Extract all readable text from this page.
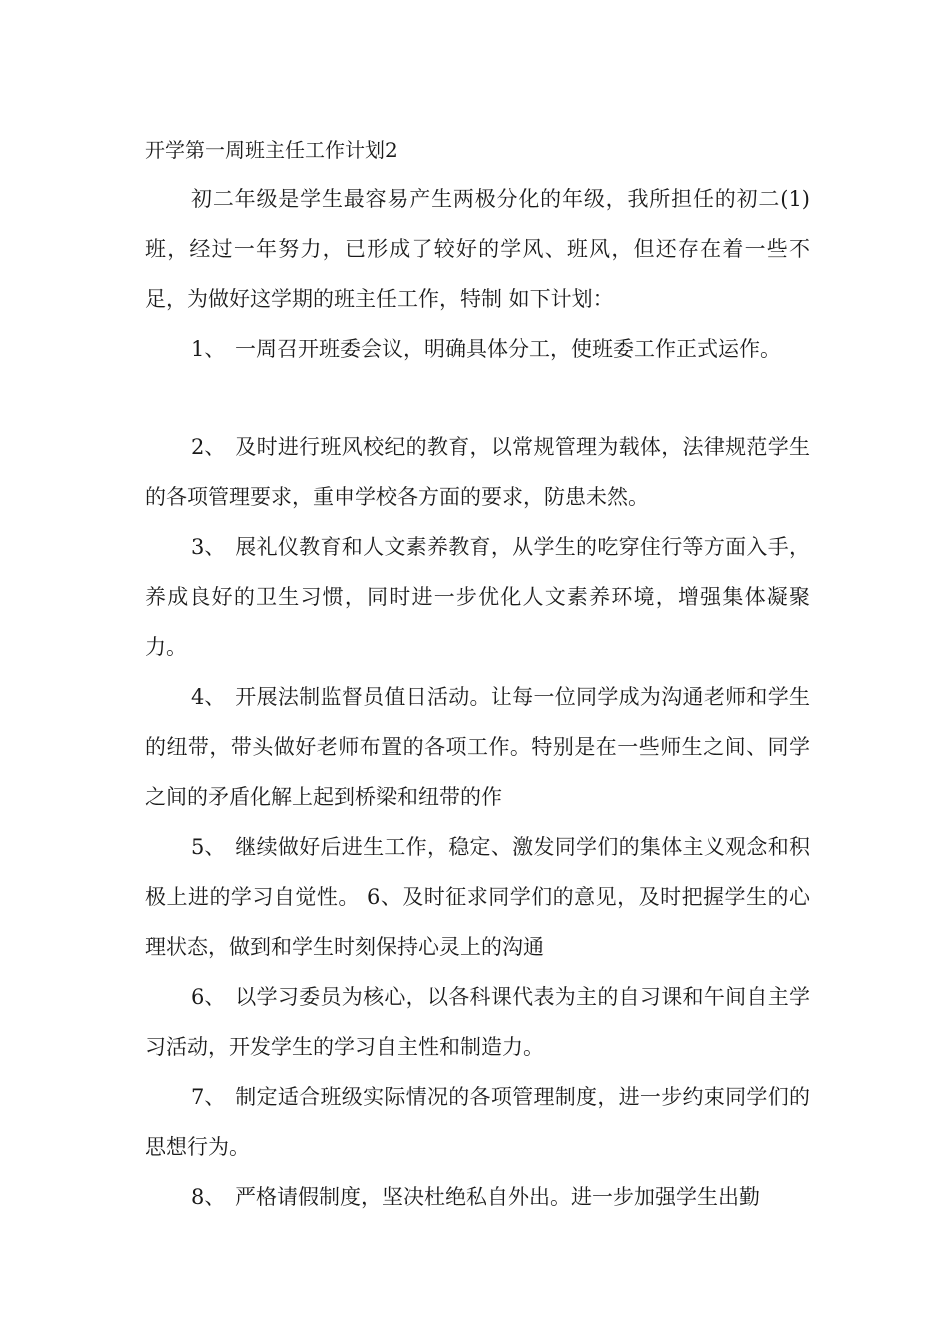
开学第一周班主任工作计划2

初二年级是学生最容易产生两极分化的年级，我所担任的初二(1)班，经过一年努力，已形成了较好的学风、班风，但还存在着一些不足，为做好这学期的班主任工作，特制 如下计划：

1、 一周召开班委会议，明确具体分工，使班委工作正式运作。

2、 及时进行班风校纪的教育，以常规管理为载体，法律规范学生的各项管理要求，重申学校各方面的要求，防患未然。

3、 展礼仪教育和人文素养教育，从学生的吃穿住行等方面入手，养成良好的卫生习惯，同时进一步优化人文素养环境，增强集体凝聚力。

4、 开展法制监督员值日活动。让每一位同学成为沟通老师和学生的纽带，带头做好老师布置的各项工作。特别是在一些师生之间、同学之间的矛盾化解上起到桥梁和纽带的作

5、 继续做好后进生工作，稳定、激发同学们的集体主义观念和积极上进的学习自觉性。 6、及时征求同学们的意见，及时把握学生的心理状态，做到和学生时刻保持心灵上的沟通

6、 以学习委员为核心，以各科课代表为主的自习课和午间自主学习活动，开发学生的学习自主性和制造力。

7、 制定适合班级实际情况的各项管理制度，进一步约束同学们的思想行为。

8、 严格请假制度，坚决杜绝私自外出。进一步加强学生出勤
